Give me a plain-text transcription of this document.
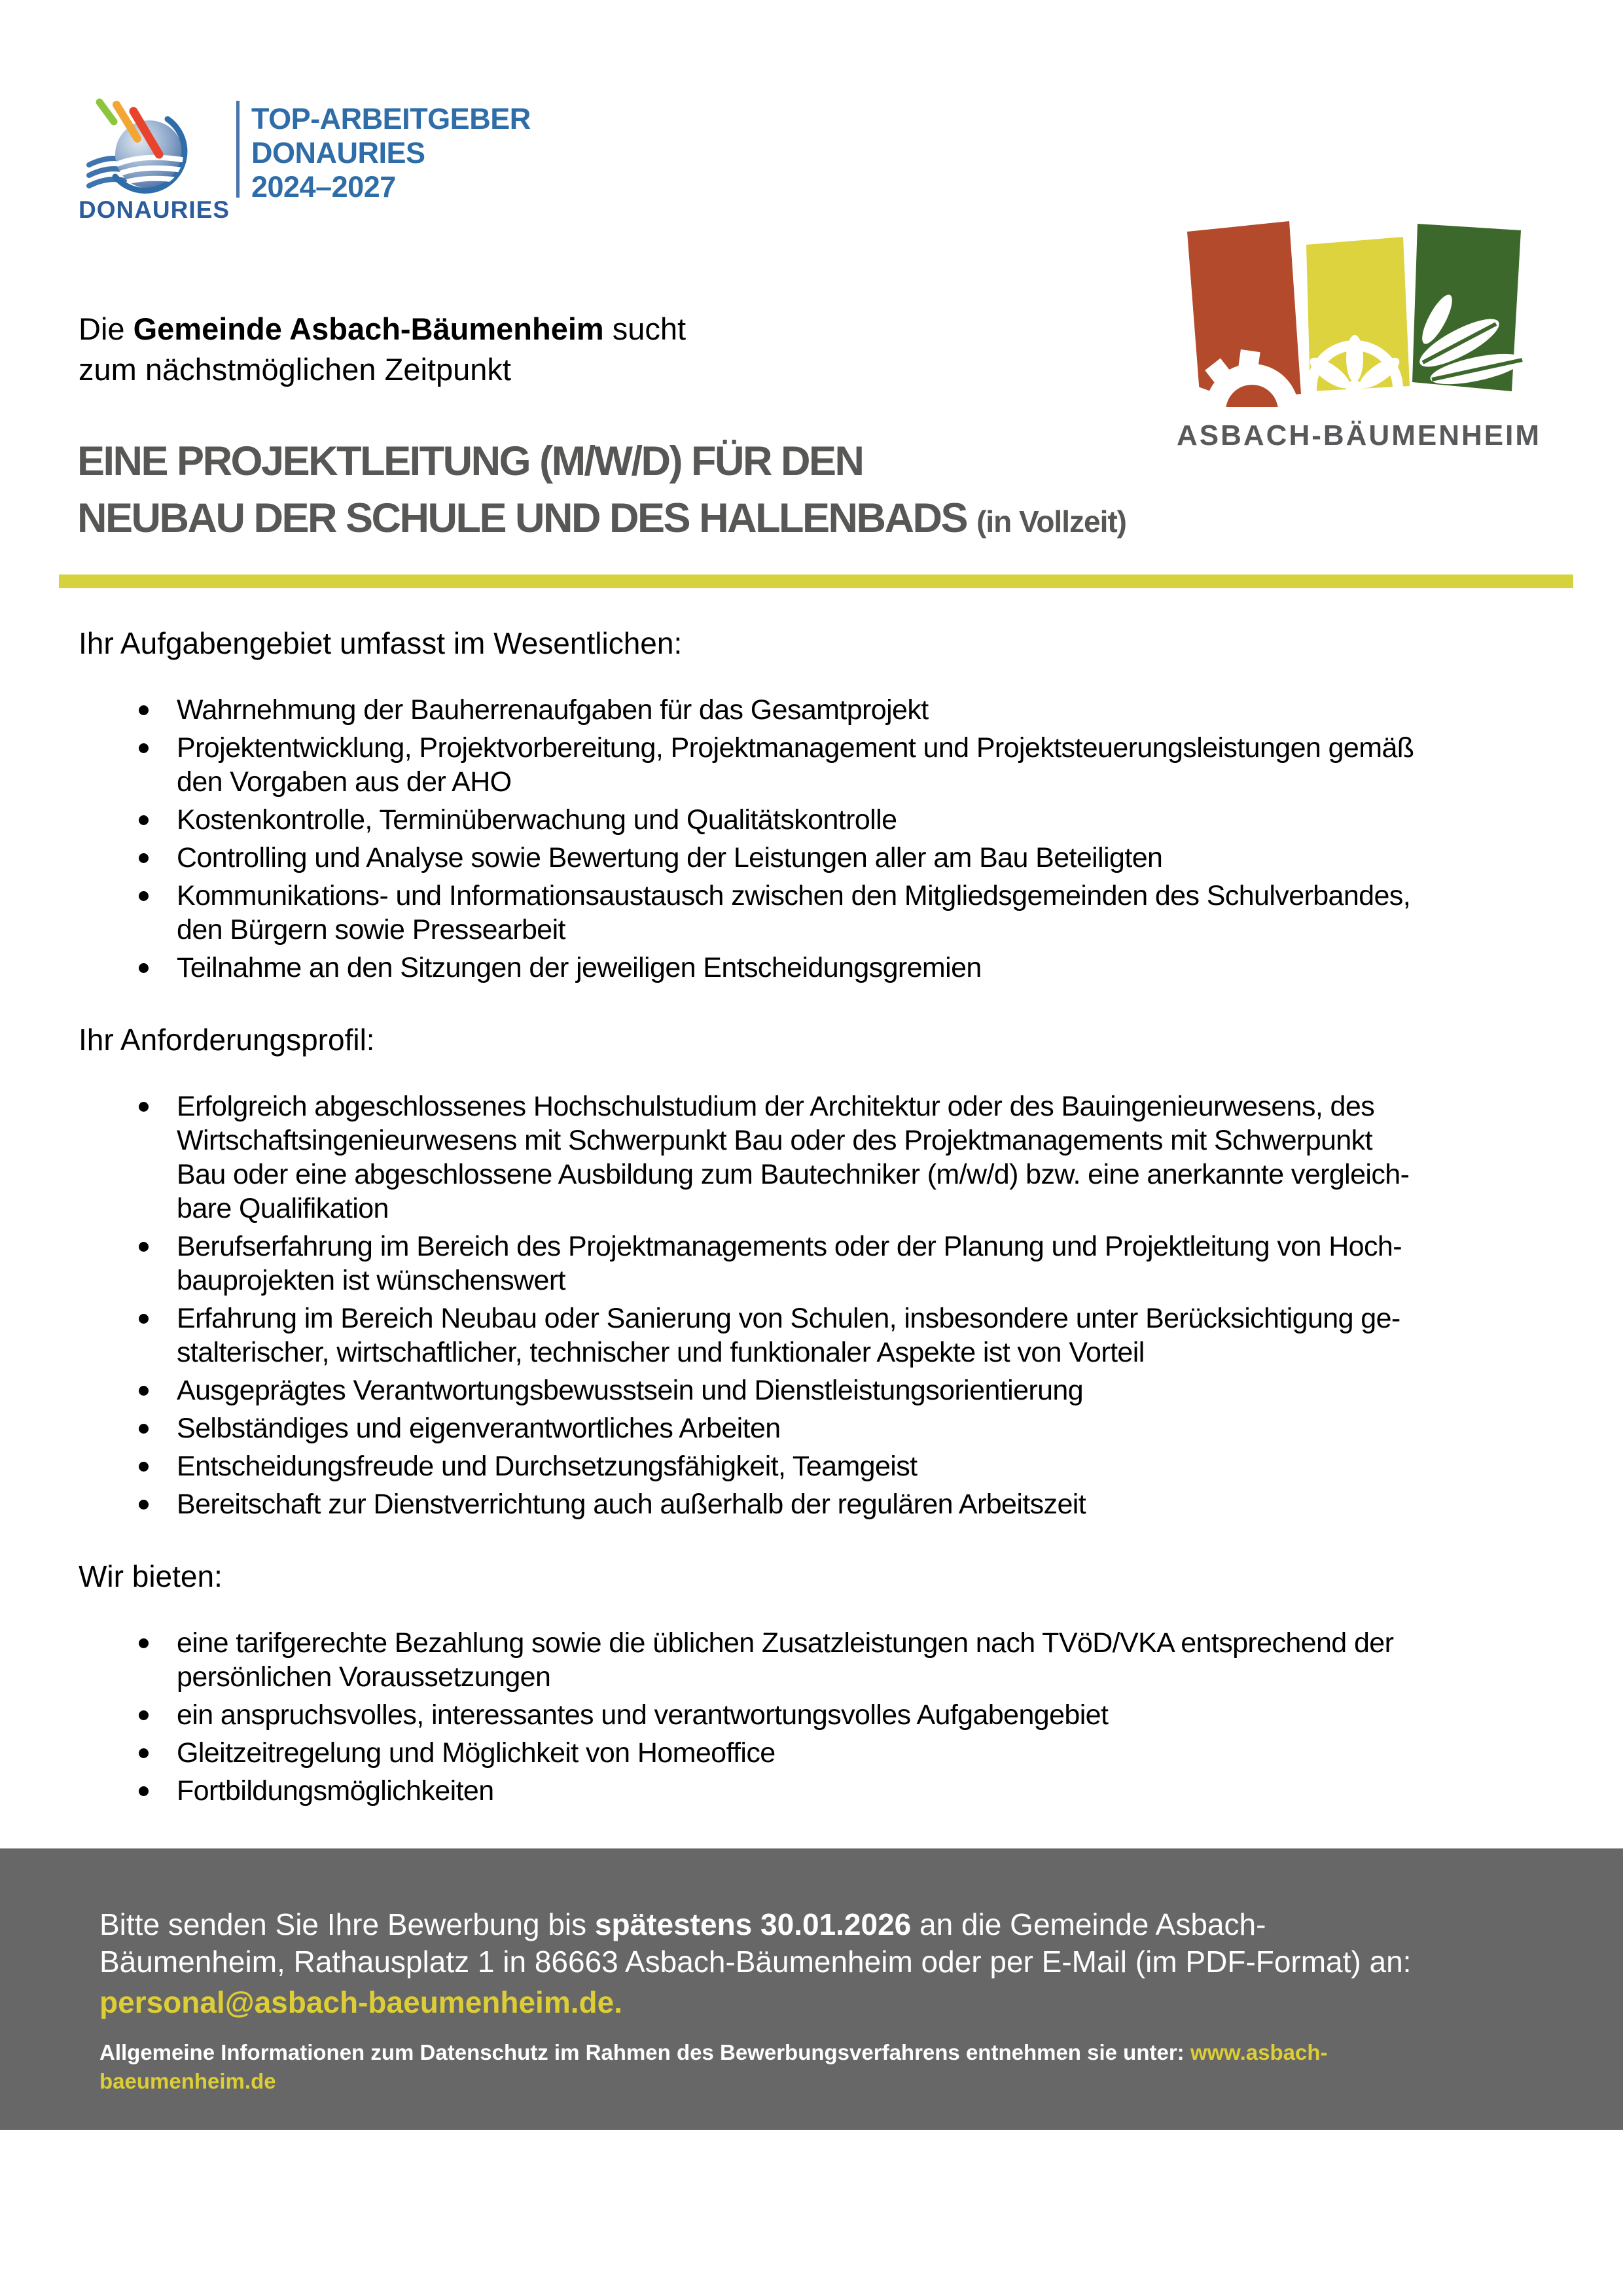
DONAURIES
TOP-ARBEITGEBER
DONAURIES
2024–2027
ASBACH-BÄUMENHEIM
Die Gemeinde Asbach-Bäumenheim sucht
zum nächstmöglichen Zeitpunkt
EINE PROJEKTLEITUNG (M/W/D) FÜR DEN
NEUBAU DER SCHULE UND DES HALLENBADS (in Vollzeit)
Ihr Aufgabengebiet umfasst im Wesentlichen:
Wahrnehmung der Bauherrenaufgaben für das Gesamtprojekt
Projektentwicklung, Projektvorbereitung, Projektmanagement und Projektsteuerungsleistungen gemäß
den Vorgaben aus der AHO
Kostenkontrolle, Terminüberwachung und Qualitätskontrolle
Controlling und Analyse sowie Bewertung der Leistungen aller am Bau Beteiligten
Kommunikations- und Informationsaustausch zwischen den Mitgliedsgemeinden des Schulverbandes,
den Bürgern sowie Pressearbeit
Teilnahme an den Sitzungen der jeweiligen Entscheidungsgremien
Ihr Anforderungsprofil:
Erfolgreich abgeschlossenes Hochschulstudium der Architektur oder des Bauingenieurwesens, des
Wirtschaftsingenieurwesens mit Schwerpunkt Bau oder des Projektmanagements mit Schwerpunkt
Bau oder eine abgeschlossene Ausbildung zum Bautechniker (m/w/d) bzw. eine anerkannte vergleich-
bare Qualifikation
Berufserfahrung im Bereich des Projektmanagements oder der Planung und Projektleitung von Hoch-
bauprojekten ist wünschenswert
Erfahrung im Bereich Neubau oder Sanierung von Schulen, insbesondere unter Berücksichtigung ge-
stalterischer, wirtschaftlicher, technischer und funktionaler Aspekte ist von Vorteil
Ausgeprägtes Verantwortungsbewusstsein und Dienstleistungsorientierung
Selbständiges und eigenverantwortliches Arbeiten
Entscheidungsfreude und Durchsetzungsfähigkeit, Teamgeist
Bereitschaft zur Dienstverrichtung auch außerhalb der regulären Arbeitszeit
Wir bieten:
eine tarifgerechte Bezahlung sowie die üblichen Zusatzleistungen nach TVöD/VKA entsprechend der
persönlichen Voraussetzungen
ein anspruchsvolles, interessantes und verantwortungsvolles Aufgabengebiet
Gleitzeitregelung und Möglichkeit von Homeoffice
Fortbildungsmöglichkeiten

Bitte senden Sie Ihre Bewerbung bis spätestens 30.01.2026 an die Gemeinde Asbach-
Bäumenheim, Rathausplatz 1 in 86663 Asbach-Bäumenheim oder per E-Mail (im PDF-Format) an:
personal@asbach-baeumenheim.de.

Allgemeine Informationen zum Datenschutz im Rahmen des Bewerbungsverfahrens entnehmen sie unter: www.asbach-
baeumenheim.de
